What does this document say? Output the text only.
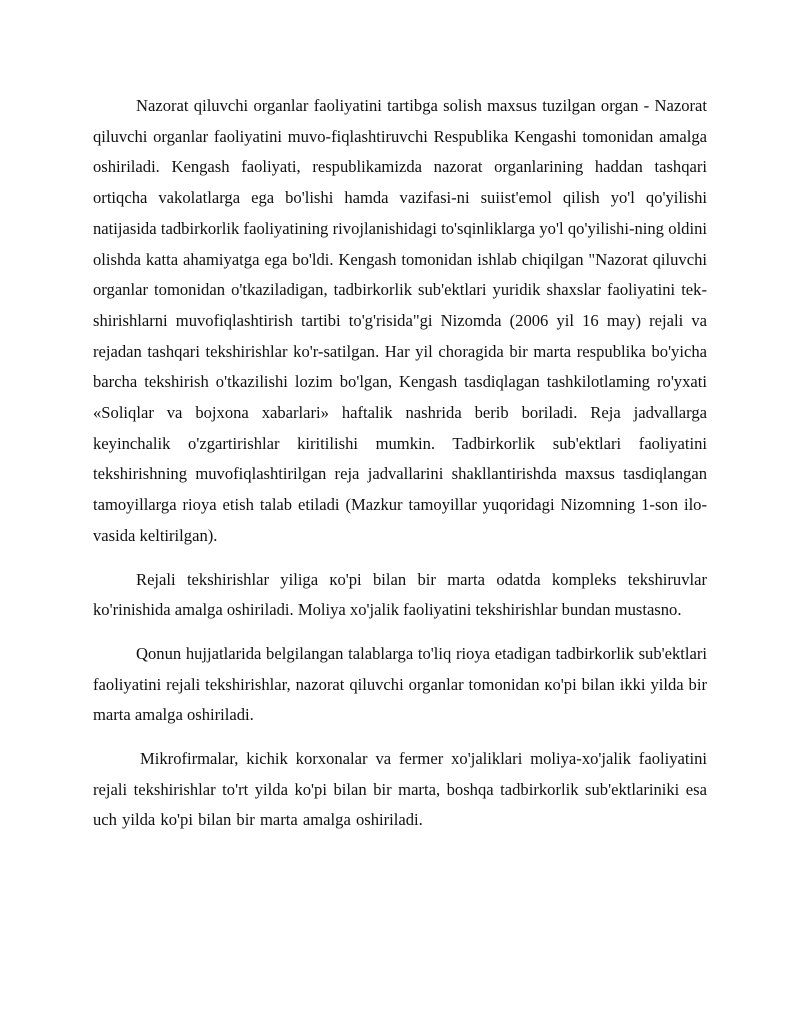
Nazorat qiluvchi organlar faoliyatini tartibga solish maxsus tuzilgan organ - Nazorat qiluvchi organlar faoliyatini muvo-fiqlashtiruvchi Respublika Kengashi tomonidan amalga oshiriladi. Kengash faoliyati, respublikamizda nazorat organlarining haddan tashqari ortiqcha vakolatlarga ega bo'lishi hamda vazifasi-ni suiist'emol qilish yo'l qo'yilishi natijasida tadbirkorlik faoliyatining rivojlanishidagi to'sqinliklarga yo'l qo'yilishi-ning oldini olishda katta ahamiyatga ega bo'ldi. Kengash tomonidan ishlab chiqilgan "Nazorat qiluvchi organlar tomonidan o'tkaziladigan, tadbirkorlik sub'ektlari yuridik shaxslar faoliyatini tek-shirishlarni muvofiqlashtirish tartibi to'g'risida"gi Nizomda (2006 yil 16 may) rejali va rejadan tashqari tekshirishlar ko'r-satilgan. Har yil choragida bir marta respublika bo'yicha barcha tekshirish o'tkazilishi lozim bo'lgan, Kengash tasdiqlagan tashkilotlaming ro'yxati «Soliqlar va bojxona xabarlari» haftalik nashrida berib boriladi. Reja jadvallarga keyinchalik o'zgartirishlar kiritilishi mumkin. Tadbirkorlik sub'ektlari faoliyatini tekshirishning muvofiqlashtirilgan reja jadvallarini shakllantirishda maxsus tasdiqlangan tamoyillarga rioya etish talab etiladi (Mazkur tamoyillar yuqoridagi Nizomning 1-son ilo-vasida keltirilgan).

Rejali tekshirishlar yiliga кo'pi bilan bir marta odatda kompleks tekshiruvlar ko'rinishida amalga oshiriladi. Moliya xo'jalik faoliyatini tekshirishlar bundan mustasno.

Qonun hujjatlarida belgilangan talablarga to'liq rioya etadigan tadbirkorlik sub'ektlari faoliyatini rejali tekshirishlar, nazorat qiluvchi organlar tomonidan кo'pi bilan ikki yilda bir marta amalga oshiriladi.

Mikrofirmalar, kichik korxonalar va fermer xo'jaliklari moliya-xo'jalik faoliyatini rejali tekshirishlar to'rt yilda ko'pi bilan bir marta, boshqa tadbirkorlik sub'ektlariniki esa uch yilda ko'pi bilan bir marta amalga oshiriladi.
